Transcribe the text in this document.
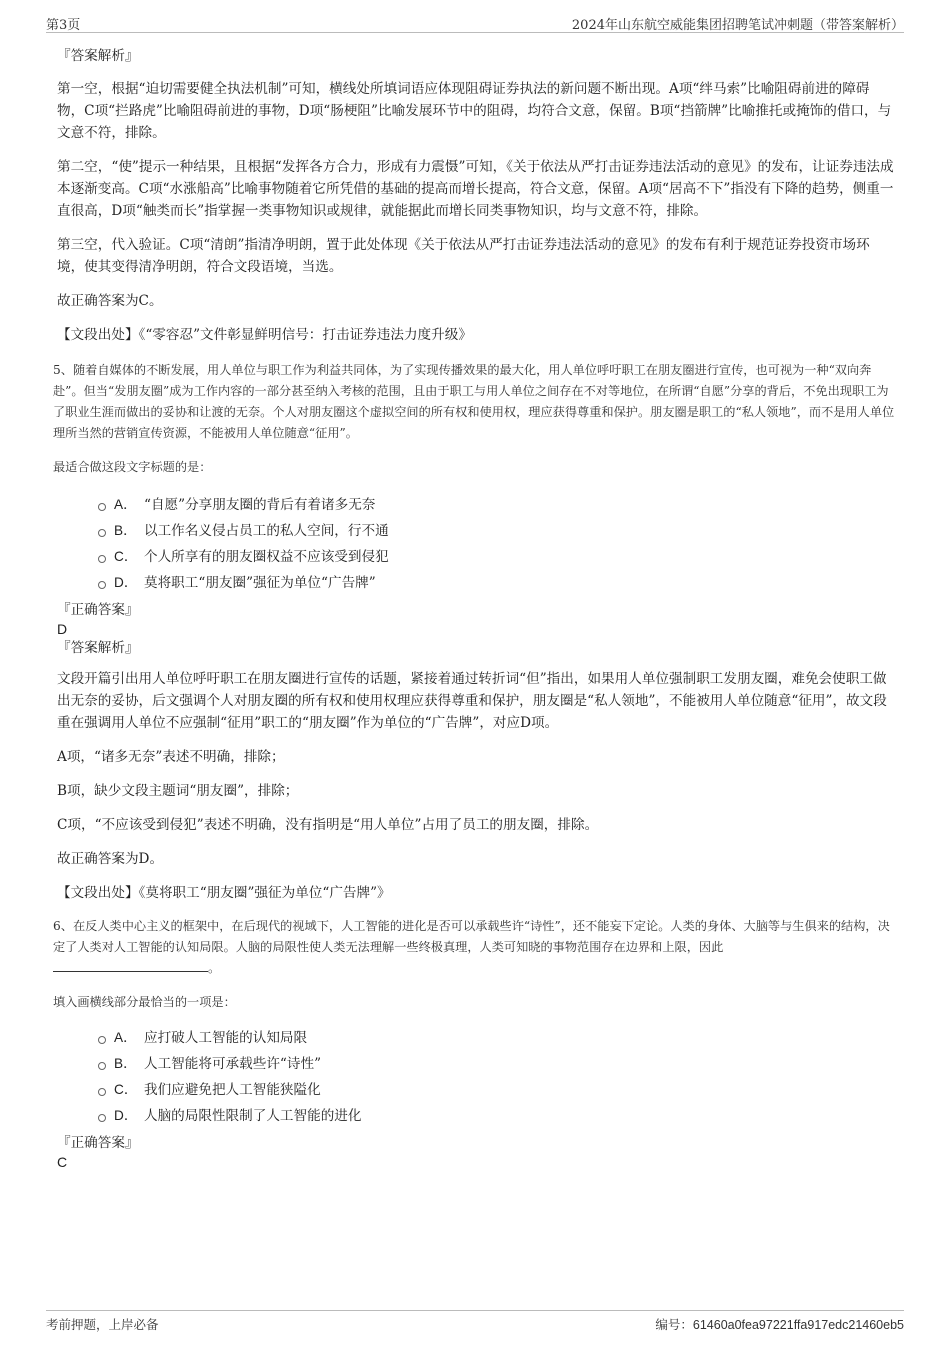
第3页	2024年山东航空威能集团招聘笔试冲刺题（带答案解析）

『答案解析』

第一空，根据“迫切需要健全执法机制”可知，横线处所填词语应体现阻碍证券执法的新问题不断出现。A项“绊马索”比喻阻碍前进的障碍物，C项“拦路虎”比喻阻碍前进的事物，D项“肠梗阻”比喻发展环节中的阻碍，均符合文意，保留。B项“挡箭牌”比喻推托或掩饰的借口，与文意不符，排除。

第二空，“使”提示一种结果，且根据“发挥各方合力，形成有力震慑”可知，《关于依法从严打击证券违法活动的意见》的发布，让证券违法成本逐渐变高。C项“水涨船高”比喻事物随着它所凭借的基础的提高而增长提高，符合文意，保留。A项“居高不下”指没有下降的趋势，侧重一直很高，D项“触类而长”指掌握一类事物知识或规律，就能据此而增长同类事物知识，均与文意不符，排除。

第三空，代入验证。C项“清朗”指清净明朗，置于此处体现《关于依法从严打击证券违法活动的意见》的发布有利于规范证券投资市场环境，使其变得清净明朗，符合文段语境，当选。

故正确答案为C。

【文段出处】《“零容忍”文件彰显鲜明信号：打击证券违法力度升级》

5、随着自媒体的不断发展，用人单位与职工作为利益共同体，为了实现传播效果的最大化，用人单位呼吁职工在朋友圈进行宣传，也可视为一种“双向奔赴”。但当“发朋友圈”成为工作内容的一部分甚至纳入考核的范围，且由于职工与用人单位之间存在不对等地位，在所谓“自愿”分享的背后，不免出现职工为了职业生涯而做出的妥协和让渡的无奈。个人对朋友圈这个虚拟空间的所有权和使用权，理应获得尊重和保护。朋友圈是职工的“私人领地”，而不是用人单位理所当然的营销宣传资源，不能被用人单位随意“征用”。

最适合做这段文字标题的是：

A． “自愿”分享朋友圈的背后有着诸多无奈
B． 以工作名义侵占员工的私人空间，行不通
C． 个人所享有的朋友圈权益不应该受到侵犯
D． 莫将职工“朋友圈”强征为单位“广告牌”

『正确答案』

D

『答案解析』

文段开篇引出用人单位呼吁职工在朋友圈进行宣传的话题，紧接着通过转折词“但”指出，如果用人单位强制职工发朋友圈，难免会使职工做出无奈的妥协，后文强调个人对朋友圈的所有权和使用权理应获得尊重和保护，朋友圈是“私人领地”，不能被用人单位随意“征用”，故文段重在强调用人单位不应强制“征用”职工的“朋友圈”作为单位的“广告牌”，对应D项。

A项，“诸多无奈”表述不明确，排除；

B项，缺少文段主题词“朋友圈”，排除；

C项，“不应该受到侵犯”表述不明确，没有指明是“用人单位”占用了员工的朋友圈，排除。

故正确答案为D。

【文段出处】《莫将职工“朋友圈”强征为单位“广告牌”》

6、在反人类中心主义的框架中，在后现代的视域下，人工智能的进化是否可以承载些许“诗性”，还不能妄下定论。人类的身体、大脑等与生俱来的结构，决定了人类对人工智能的认知局限。人脑的局限性使人类无法理解一些终极真理，人类可知晓的事物范围存在边界和上限，因此
。

填入画横线部分最恰当的一项是：

A． 应打破人工智能的认知局限
B． 人工智能将可承载些许“诗性”
C． 我们应避免把人工智能狭隘化
D． 人脑的局限性限制了人工智能的进化

『正确答案』

C

考前押题，上岸必备	编号：61460a0fea97221ffa917edc21460eb5
